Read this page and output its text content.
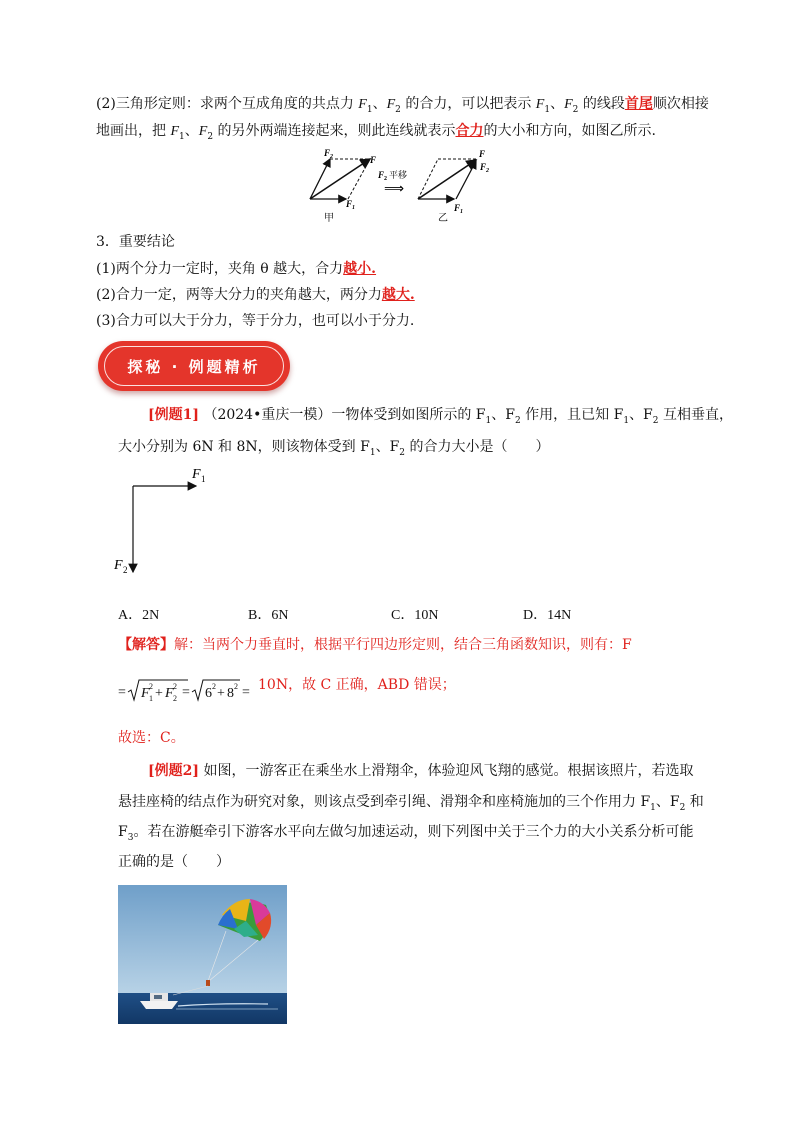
(2)三角形定则：求两个互成角度的共点力 $F_1$、$F_2$ 的合力，可以把表示 $F_1$、$F_2$ 的线段首尾顺次相接
地画出，把 $F_1$、$F_2$ 的另外两端连接起来，则此连线就表示合力的大小和方向，如图乙所示.
$F_2$	F
$F_1$
甲
F 2 平移
⟹
F
$F_2$
$F_1$
乙
3．重要结论
(1)两个分力一定时，夹角 θ 越大，合力越小.
(2)合力一定，两等大分力的夹角越大，两分力越大.
(3)合力可以大于分力，等于分力，也可以小于分力.
探秘 · 例题精析
[例题1] （2024•重庆一模）一物体受到如图所示的 $F_1$、$F_2$ 作用，且已知 $F_1$、$F_2$ 互相垂直，
大小分别为 6N 和 8N，则该物体受到 $F_1$、$F_2$ 的合力大小是（　　）
F 1
F 2
A．2N	B．6N	C．10N	D．14N
【解答】解：当两个力垂直时，根据平行四边形定则，结合三角函数知识，则有：F
= F 1
2 + F 2
2 = 6 2 + 8 2 = 10N，故 C 正确，ABD 错误；
故选：C。
[例题2] 如图，一游客正在乘坐水上滑翔伞，体验迎风飞翔的感觉。根据该照片，若选取
悬挂座椅的结点作为研究对象，则该点受到牵引绳、滑翔伞和座椅施加的三个作用力 $F_1$、$F_2$ 和
$F_3$。若在游艇牵引下游客水平向左做匀加速运动，则下列图中关于三个力的大小关系分析可能
正确的是（　　）
